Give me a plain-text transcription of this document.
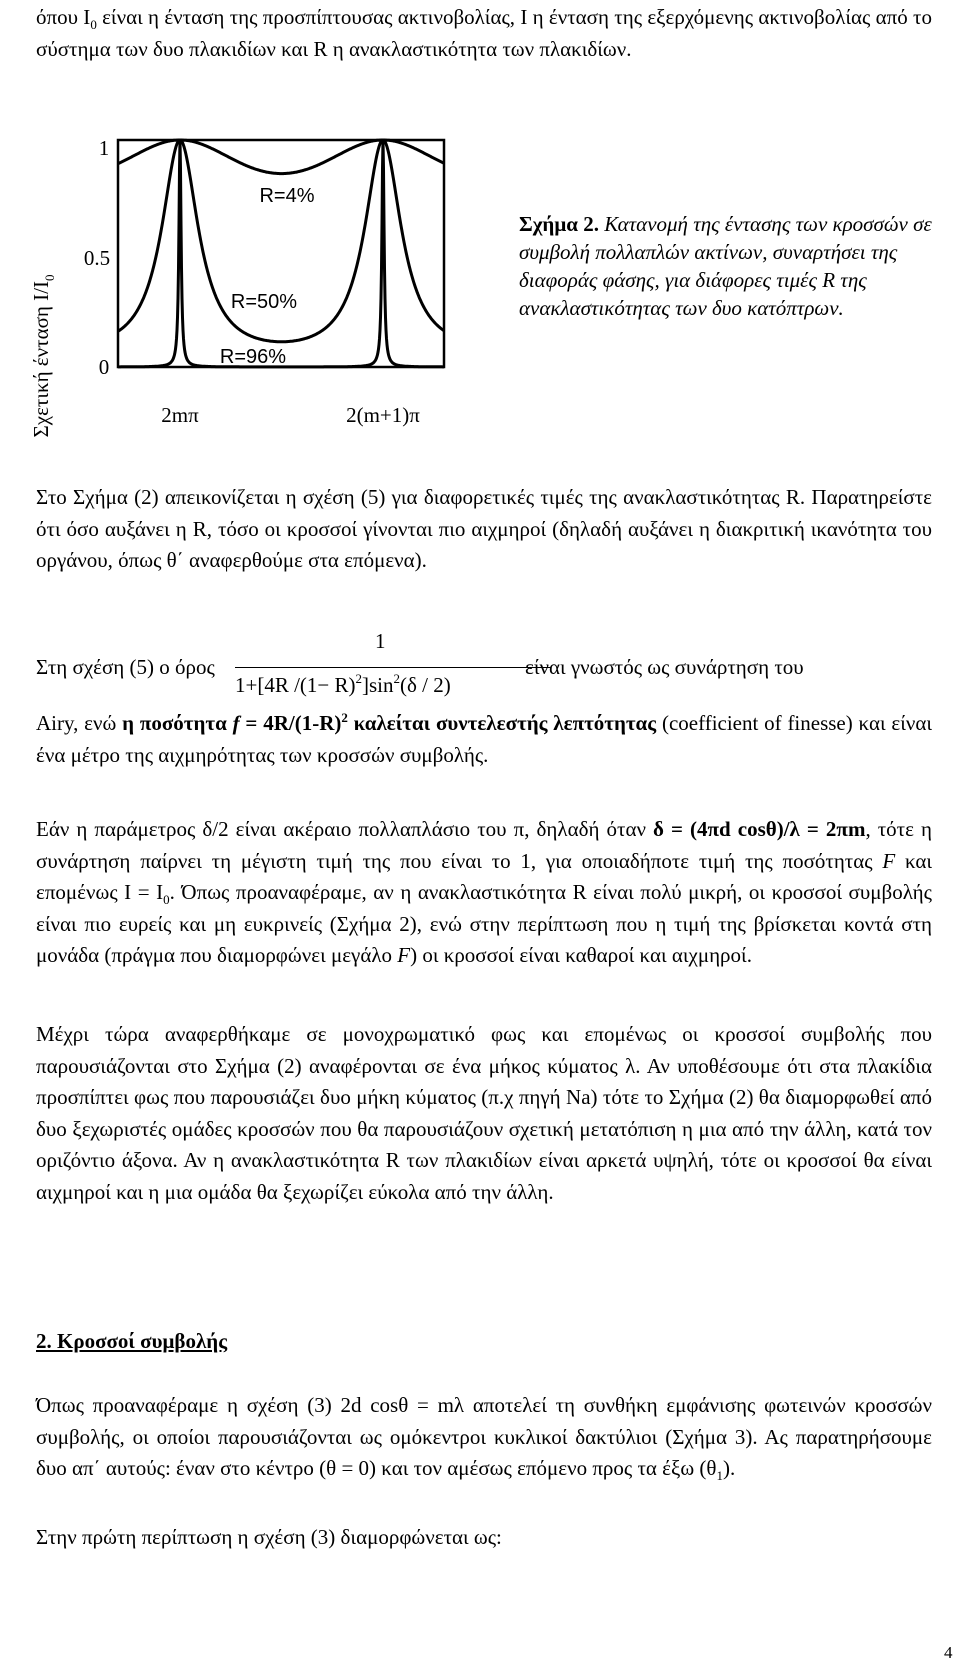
όπου $I_0$ είναι η ένταση της προσπίπτουσας ακτινοβολίας, I η ένταση της εξερχόμενης ακτινοβολίας από το σύστημα των δυο πλακιδίων και R η ανακλαστικότητα των πλακιδίων.

Σχετική ένταση $I/I_0$
1
0.5
0
R=4%
R=50%
R=96%
2mπ	2(m+1)π
Σχήμα 2. Κατανομή της έντασης των κροσσών σε συμβολή πολλαπλών ακτίνων, συναρτήσει της διαφοράς φάσης, για διάφορες τιμές R της ανακλαστικότητας των δυο κατόπτρων.

Στο Σχήμα (2) απεικονίζεται η σχέση (5) για διαφορετικές τιμές της ανακλαστικότητας R. Παρατηρείστε ότι όσο αυξάνει η R, τόσο οι κροσσοί γίνονται πιο αιχμηροί (δηλαδή αυξάνει η διακριτική ικανότητα του οργάνου, όπως θ΄ αναφερθούμε στα επόμενα).

Στη σχέση (5) ο όρος
1
1+[4R $/(1- R)^2]\sin^2(\delta / 2)$
είναι γνωστός ως συνάρτηση του

Airy, ενώ η ποσότητα $f = 4R/(1-R)^2$ καλείται συντελεστής λεπτότητας (coefficient of finesse) και είναι ένα μέτρο της αιχμηρότητας των κροσσών συμβολής.

Εάν η παράμετρος δ/2 είναι ακέραιο πολλαπλάσιο του π, δηλαδή όταν δ = (4πd cosθ)/λ = 2πm, τότε η συνάρτηση παίρνει τη μέγιστη τιμή της που είναι το 1, για οποιαδήποτε τιμή της ποσότητας F και επομένως $I = I_0$. Όπως προαναφέραμε, αν η ανακλαστικότητα R είναι πολύ μικρή, οι κροσσοί συμβολής είναι πιο ευρείς και μη ευκρινείς (Σχήμα 2), ενώ στην περίπτωση που η τιμή της βρίσκεται κοντά στη μονάδα (πράγμα που διαμορφώνει μεγάλο F) οι κροσσοί είναι καθαροί και αιχμηροί.

Μέχρι τώρα αναφερθήκαμε σε μονοχρωματικό φως και επομένως οι κροσσοί συμβολής που παρουσιάζονται στο Σχήμα (2) αναφέρονται σε ένα μήκος κύματος λ. Αν υποθέσουμε ότι στα πλακίδια προσπίπτει φως που παρουσιάζει δυο μήκη κύματος (π.χ πηγή Na) τότε το Σχήμα (2) θα διαμορφωθεί από δυο ξεχωριστές ομάδες κροσσών που θα παρουσιάζουν σχετική μετατόπιση η μια από την άλλη, κατά τον οριζόντιο άξονα. Αν η ανακλαστικότητα R των πλακιδίων είναι αρκετά υψηλή, τότε οι κροσσοί θα είναι αιχμηροί και η μια ομάδα θα ξεχωρίζει εύκολα από την άλλη.

2. Κροσσοί συμβολής

Όπως προαναφέραμε η σχέση (3) 2d cosθ = mλ αποτελεί τη συνθήκη εμφάνισης φωτεινών κροσσών συμβολής, οι οποίοι παρουσιάζονται ως ομόκεντροι κυκλικοί δακτύλιοι (Σχήμα 3). Ας παρατηρήσουμε δυο απ΄ αυτούς: έναν στο κέντρο (θ = 0) και τον αμέσως επόμενο προς τα έξω $(\theta_1)$.

Στην πρώτη περίπτωση η σχέση (3) διαμορφώνεται ως:

4
